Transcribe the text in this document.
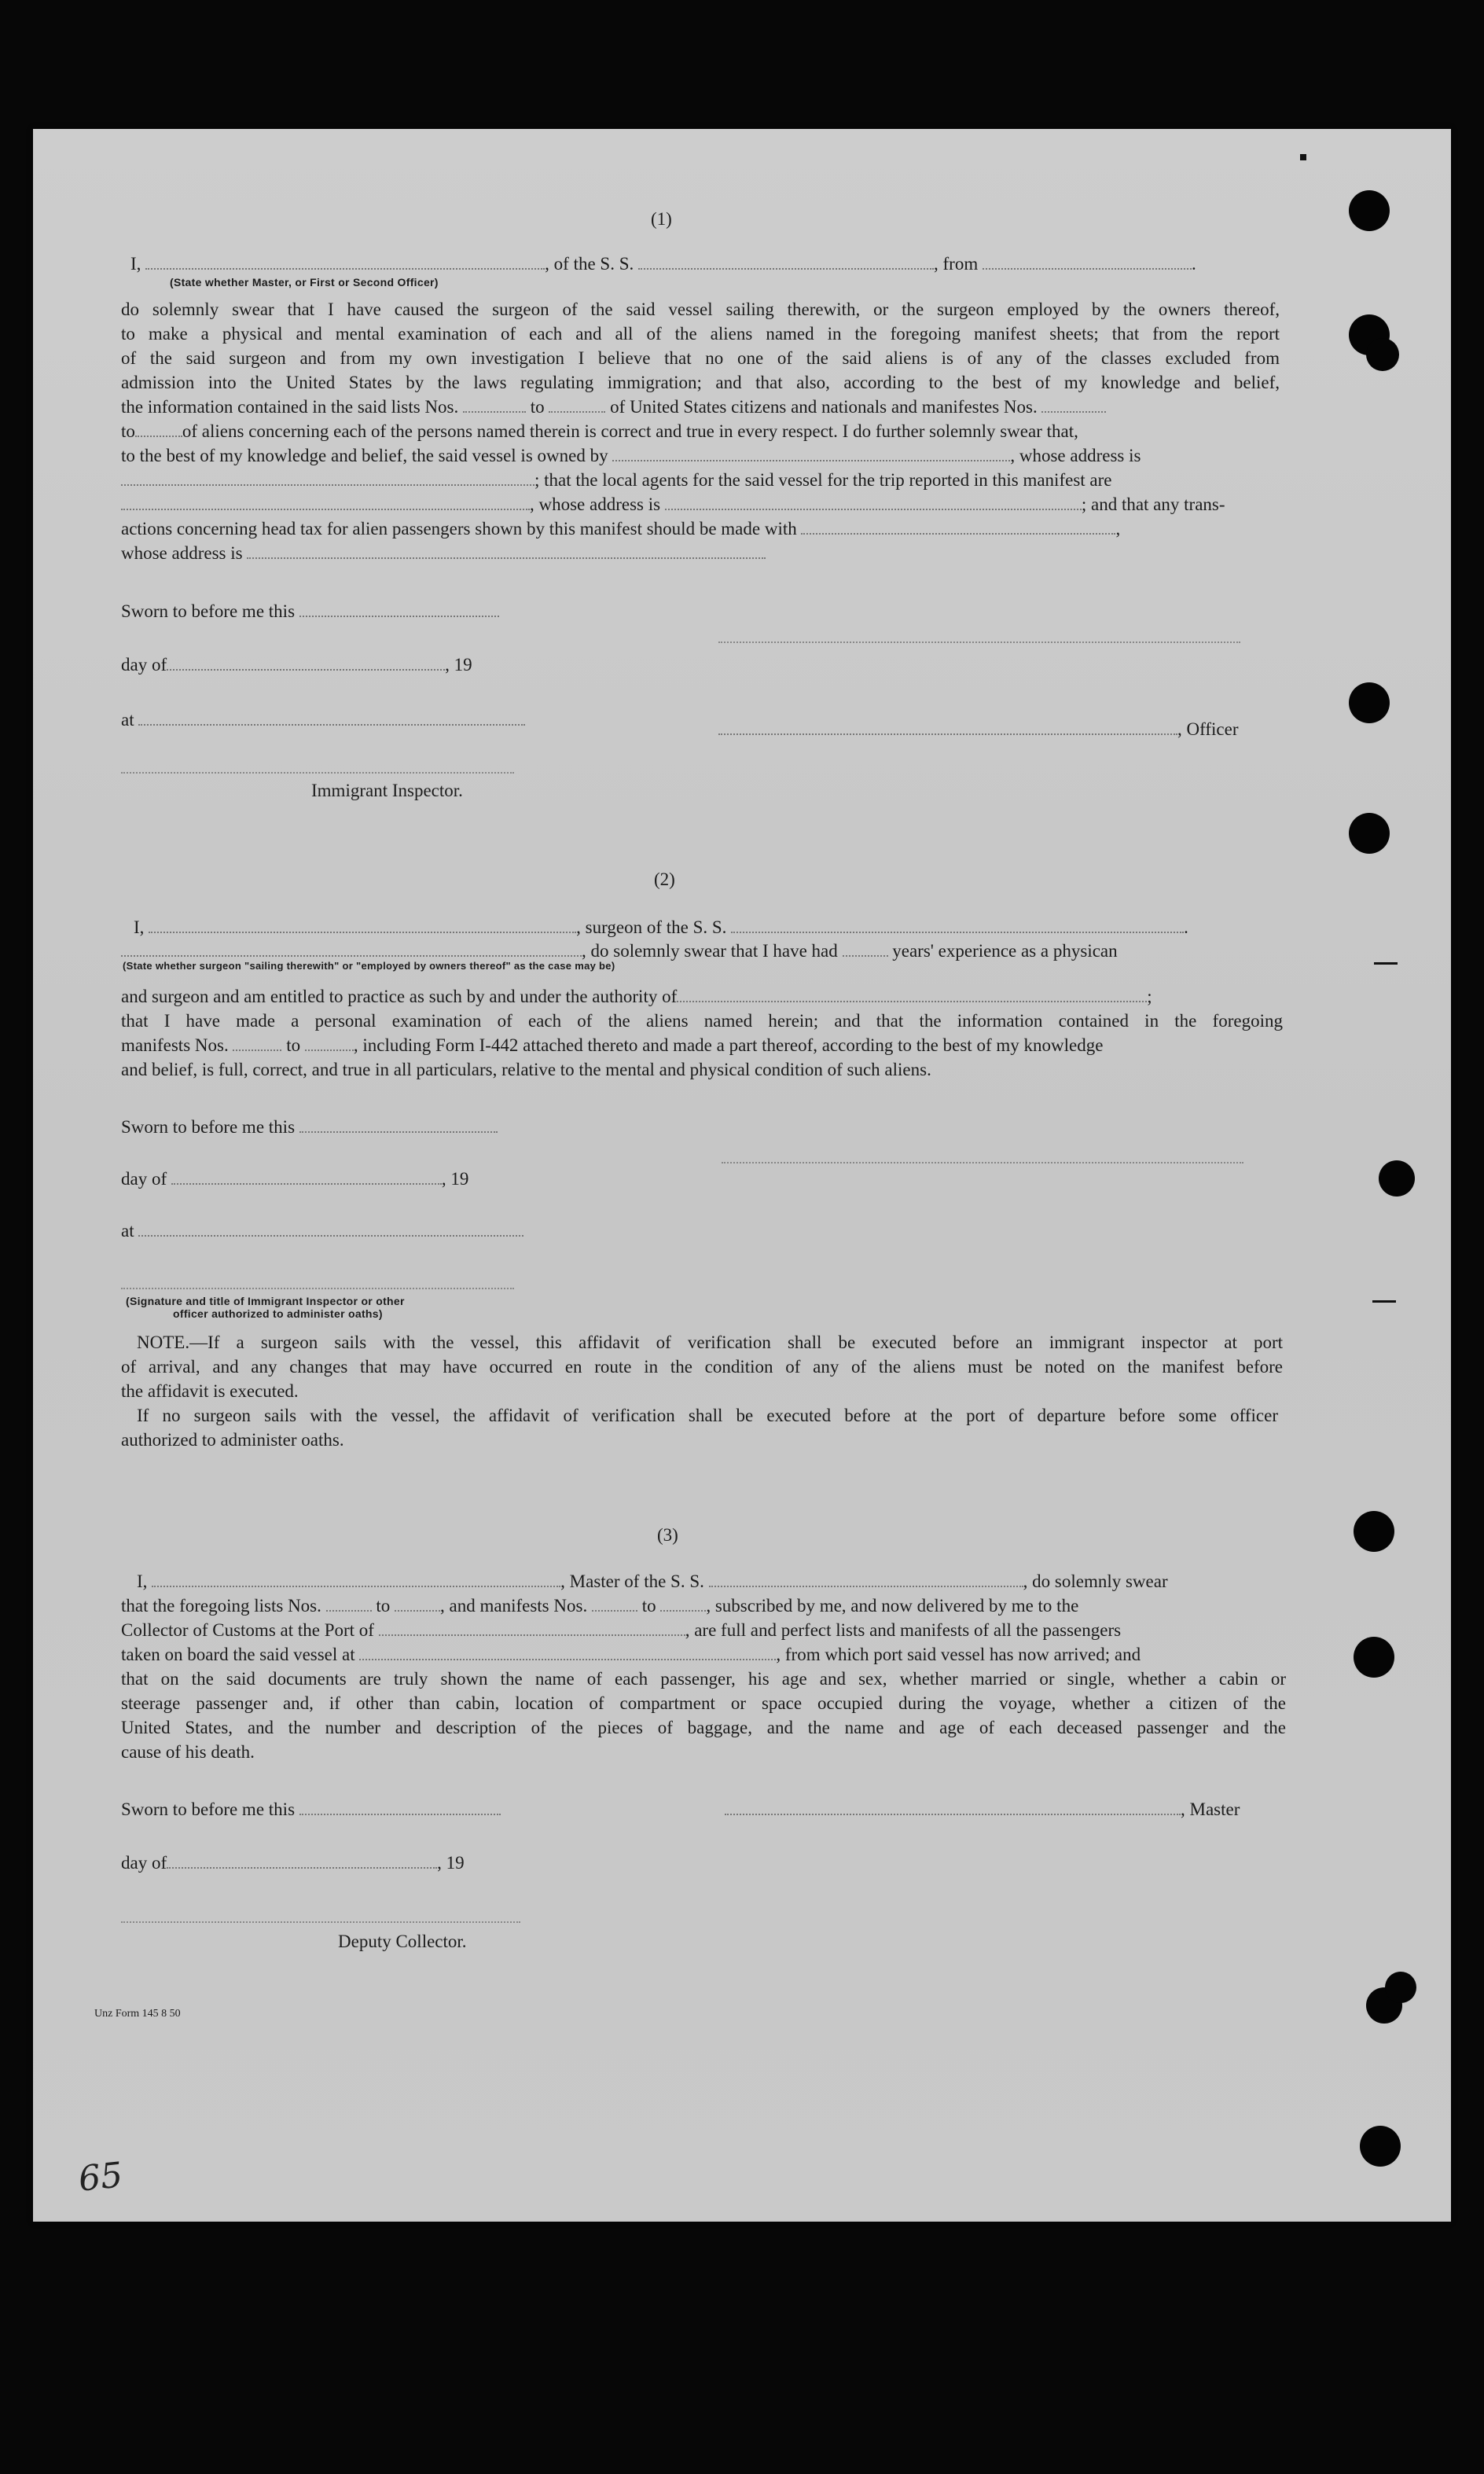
(1)
I,	, of the S. S.	, from	.
(State whether Master, or First or Second Officer)
do solemnly swear that I have caused the surgeon of the said vessel sailing therewith, or the surgeon employed by the owners thereof,
to make a physical and mental examination of each and all of the aliens named in the foregoing manifest sheets; that from the report
of the said surgeon and from my own investigation I believe that no one of the said aliens is of any of the classes excluded from
admission into the United States by the laws regulating immigration; and that also, according to the best of my knowledge and belief,
the information contained in the said lists Nos.	to	of United States citizens and nationals and manifestes Nos.
to	of aliens concerning each of the persons named therein is correct and true in every respect. I do further solemnly swear that,
to the best of my knowledge and belief, the said vessel is owned by	, whose address is
; that the local agents for the said vessel for the trip reported in this manifest are
, whose address is	; and that any trans-
actions concerning head tax for alien passengers shown by this manifest should be made with	,
whose address is
Sworn to before me this
day of	, 19
at	, Officer
Immigrant Inspector.
(2)
I,	, surgeon of the S. S.	.
, do solemnly swear that I have had	years' experience as a physican
(State whether surgeon "sailing therewith" or "employed by owners thereof" as the case may be)
and surgeon and am entitled to practice as such by and under the authority of	;
that I have made a personal examination of each of the aliens named herein; and that the information contained in the foregoing
manifests Nos.	to	, including Form I-442 attached thereto and made a part thereof, according to the best of my knowledge
and belief, is full, correct, and true in all particulars, relative to the mental and physical condition of such aliens.
Sworn to before me this
day of	, 19
at
(Signature and title of Immigrant Inspector or other
officer authorized to administer oaths)
NOTE.—If a surgeon sails with the vessel, this affidavit of verification shall be executed before an immigrant inspector at port
of arrival, and any changes that may have occurred en route in the condition of any of the aliens must be noted on the manifest before
the affidavit is executed.
If no surgeon sails with the vessel, the affidavit of verification shall be executed before at the port of departure before some officer
authorized to administer oaths.
(3)
I,	, Master of the S. S.	, do solemnly swear
that the foregoing lists Nos.	to	, and manifests Nos.	to	, subscribed by me, and now delivered by me to the
Collector of Customs at the Port of	, are full and perfect lists and manifests of all the passengers
taken on board the said vessel at	, from which port said vessel has now arrived; and
that on the said documents are truly shown the name of each passenger, his age and sex, whether married or single, whether a cabin or
steerage passenger and, if other than cabin, location of compartment or space occupied during the voyage, whether a citizen of the
United States, and the number and description of the pieces of baggage, and the name and age of each deceased passenger and the
cause of his death.
Sworn to before me this	, Master
day of	, 19
Deputy Collector.
Unz Form 145 8 50
65
